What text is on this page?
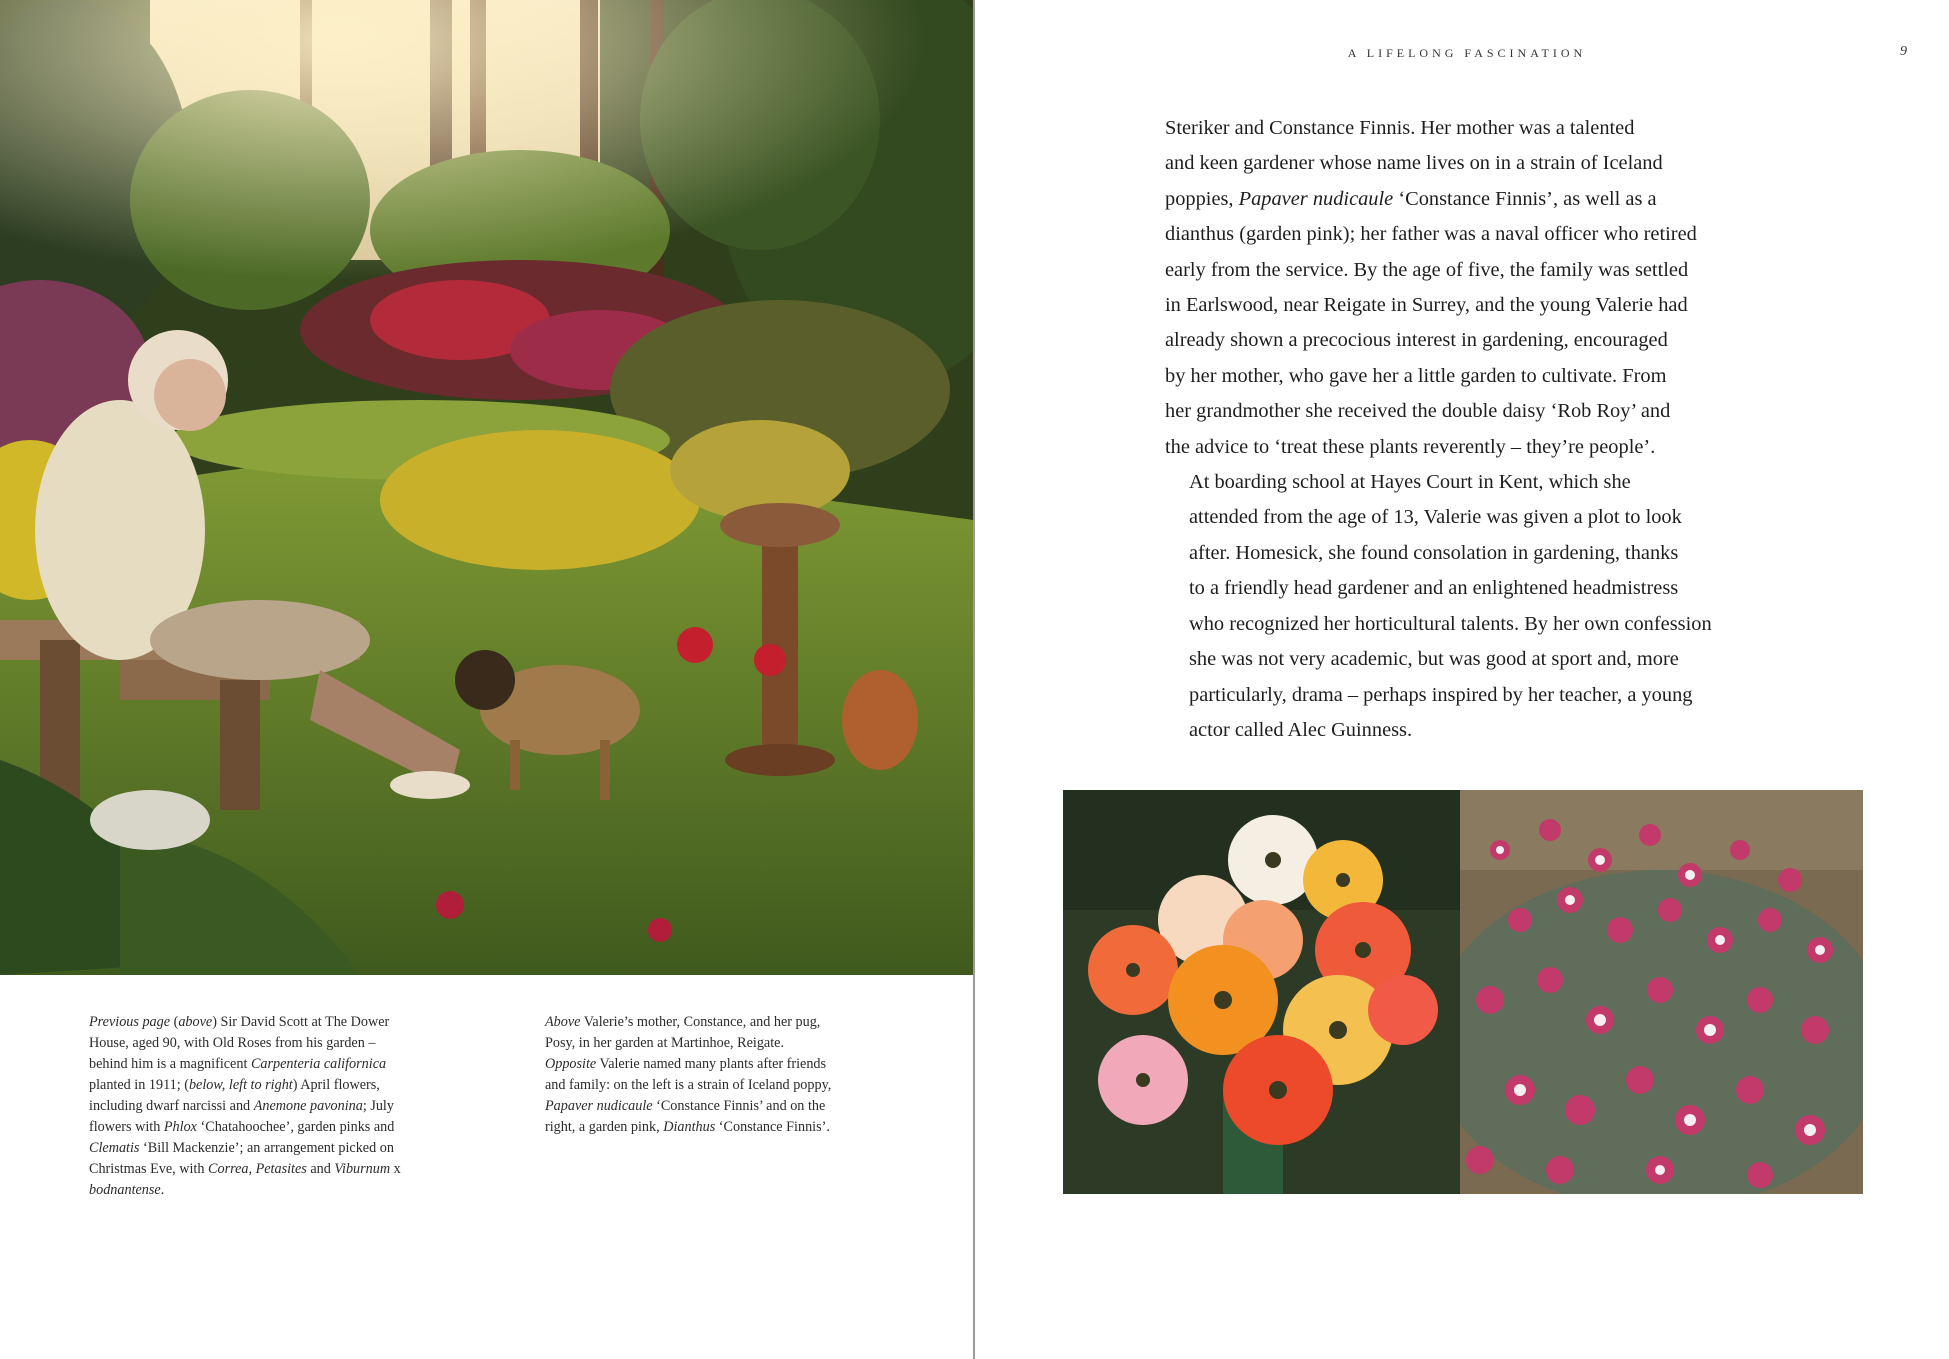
Previous page (above) Sir David Scott at The Dower
House, aged 90, with Old Roses from his garden –
behind him is a magnificent Carpenteria californica
planted in 1911; (below, left to right) April flowers,
including dwarf narcissi and Anemone pavonina; July
flowers with Phlox ‘Chatahoochee’, garden pinks and
Clematis ‘Bill Mackenzie’; an arrangement picked on
Christmas Eve, with Correa, Petasites and Viburnum x
bodnantense.
Above Valerie’s mother, Constance, and her pug,
Posy, in her garden at Martinhoe, Reigate.
Opposite Valerie named many plants after friends
and family: on the left is a strain of Iceland poppy,
Papaver nudicaule ‘Constance Finnis’ and on the
right, a garden pink, Dianthus ‘Constance Finnis’.
A LIFELONG FASCINATION	9

Steriker and Constance Finnis. Her mother was a talented
and keen gardener whose name lives on in a strain of Iceland
poppies, Papaver nudicaule ‘Constance Finnis’, as well as a
dianthus (garden pink); her father was a naval officer who retired
early from the service. By the age of five, the family was settled
in Earlswood, near Reigate in Surrey, and the young Valerie had
already shown a precocious interest in gardening, encouraged
by her mother, who gave her a little garden to cultivate. From
her grandmother she received the double daisy ‘Rob Roy’ and
the advice to ‘treat these plants reverently – they’re people’.

At boarding school at Hayes Court in Kent, which she
attended from the age of 13, Valerie was given a plot to look
after. Homesick, she found consolation in gardening, thanks
to a friendly head gardener and an enlightened headmistress
who recognized her horticultural talents. By her own confession
she was not very academic, but was good at sport and, more
particularly, drama – perhaps inspired by her teacher, a young
actor called Alec Guinness.
